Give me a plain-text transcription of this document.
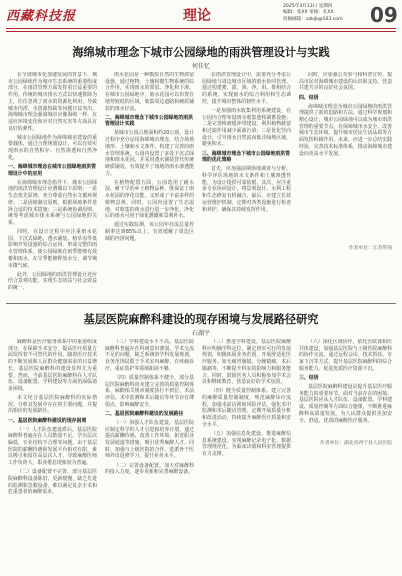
西藏科技报	理论
2025年3月13日 星期四
编辑：张XX 审核：孔XX
投稿邮箱：xzkjb@163.com 09
海绵城市理念下城市公园绿地的雨洪管理设计与实践
何佳忆

在全球城市化加速发展的背景下，城市公园绿地作为城市生态系统的重要组成部分，在雨洪管理方面发挥着日益重要的作用。传统的城市排水方式以快速排除为主，往往忽视了雨水的资源化利用，导致城市内涝、水资源短缺等问题日益突出。海绵城市理念强调城市应像海绵一样，在适应环境变化和应对自然灾害等方面具有良好的弹性。

城市公园绿地作为海绵城市建设的重要载体，通过合理规划设计，可以有效实现雨水的自然积存、自然渗透和自然净化。

一、海绵城市理念在城市公园绿地雨洪管理设计中的应用

在海绵城市理念指导下，城市公园绿地的雨洪管理设计应遵循以下原则：一是生态优先原则，充分尊重自然水文循环规律；二是因地制宜原则，根据场地条件选择合适的技术措施；三是系统协调原则，统筹考虑城市排水系统与公园绿地的关系。

同时，在设计过程中应注重雨水花园、下沉式绿地、透水铺装、植草沟等低影响开发设施的综合运用，形成完整的雨水管理体系，使公园绿地在雨季能够有效蓄积雨水，在旱季能够释放水分，调节城市微气候。

此外，公园绿地的雨洪管理设计还应结合景观功能，实现生态效益与社会效益的统一。

雨水花园是一种模拟自然的生物滞留设施，通过植物、土壤和微生物系统的综合作用，实现雨水的滞留、净化和下渗。在城市公园绿地中，雨水花园可以布置在地势较低的区域，收集周边道路和硬质铺装的雨水径流。

二、海绵城市理念下城市公园绿地的雨洪管理设计实践

某城市公园占地面积约20公顷，设计过程中充分运用海绵城市理念，结合场地地形、土壤和水文条件，构建了完善的雨水管理系统。公园内设置了多处下沉式绿地和雨水花园，并采用透水铺装替代传统硬质铺装，有效提升了场地的雨水渗透能力。

在植物配置方面，公园选用了耐水湿、耐干旱的乡土植物品种，既保证了雨水花园的净化功能，又形成了丰富多样的植物景观。同时，公园内设置了生态湿地，对收集的雨水进行进一步净化，净化后的雨水可用于绿化灌溉和景观补水。

通过实践监测，该公园年径流总量控制率达到85%以上，有效缓解了周边区域的内涝问题。

在雨洪管理设计中，需要充分考虑公园绿地与周边城市区域的雨水协同管理。通过构建蓄、滞、渗、净、用、排相结合的系统，实现雨水的综合利用和生态调控，提升城市整体的韧性水平。

一是加强雨水收集利用系统建设，在公园内合理布设雨水收集池和调蓄设施；二是完善植被缓冲带建设，利用植物截留和过滤作用减少面源污染；三是优化竖向设计，引导雨水自然流向低洼绿地区域，避免积水。

三、海绵城市理念下城市公园绿地雨洪管理的优化策略

首先，应加强前期场地调查与分析，科学评估场地的水文条件和土壤渗透性能，为设计提供可靠依据。其次，应注重多专业协同设计，将景观设计、水利工程和生态修复有机融合。最后，应建立长效运营维护机制，定期对各类设施进行检查和养护，确保其持续发挥作用。

同时，应加强公众参与和科普宣传，提高市民对海绵城市建设的认识和支持，营造共建共享的良好社会氛围。

四、结语

海绵城市理念为城市公园绿地的雨洪管理提供了新的思路和方法。通过科学规划和精心设计，城市公园绿地可以成为城市雨洪管理的重要节点，在保障城市水安全、改善城市生态环境、提升城市居民生活品质等方面发挥积极作用。未来，应进一步总结实践经验，完善技术标准体系，推动海绵城市建设向更高水平发展。

作者单位：江苏常熟
基层医院麻醉科建设的现存困境与发展路径研究
石湖平

麻醉科是医疗服务体系中的重要组成部分，在保障手术安全、提高医疗质量方面发挥着不可替代的作用。随着医疗技术的不断发展和人民群众健康需求的日益增长，基层医院麻醉科的建设显得尤为重要。然而，当前基层医院麻醉科在人才队伍、设备配置、学科建设等方面仍面临诸多困境。

本文结合基层医院麻醉科的实际情况，分析其发展中存在的主要问题，并提出相应的发展路径。

一、基层医院麻醉科建设的现存困境

（一）人才队伍建设滞后。基层医院麻醉科普遍存在人员数量不足、学历层次偏低、专业结构不合理等问题。由于基层医院的薪酬待遇和发展平台相对有限，难以吸引和留住高层次人才，导致麻醉医师工作负荷大，职业倦怠现象较为普遍。

（二）设备配置不完善。部分基层医院麻醉科设备陈旧、更新缓慢，缺乏先进的监测和急救设备，难以满足复杂手术和危重患者的麻醉需求。

（三）学科建设水平不高。基层医院麻醉科普遍存在科研意识薄弱、学术交流不足的问题，缺乏系统的学科发展规划，业务范围局限于手术室内麻醉，在疼痛诊疗、重症监护等领域拓展不够。

（四）质量控制体系不健全。部分基层医院麻醉科尚未建立完善的质量控制体系，麻醉相关规章制度执行不到位，术前评估、术中监测和术后随访等环节存在薄弱点，影响麻醉安全。

二、基层医院麻醉科建设的发展路径

（一）加强人才队伍建设。基层医院应制定科学的人才引进和培养计划，通过提高薪酬待遇、改善工作环境、拓宽职业发展通道等措施，吸引优秀麻醉人才。同时，加强与上级医院的合作，选派骨干医师外出进修学习，提升业务水平。

（二）完善设备配置。加大对麻醉科的投入力度，逐步更新和完善麻醉设备。

（三）推进学科建设。基层医院麻醉科应明确学科定位，制定切实可行的发展规划，积极拓展业务范围，开展舒适化医疗服务，如无痛胃肠镜、分娩镇痛、术后镇痛等，不断提升科室的影响力和服务能力。同时，鼓励医务人员积极参加学术会议和继续教育，营造良好的学术氛围。

（四）健全质量控制体系。建立完善的麻醉质量控制制度，规范麻醉诊疗流程，加强术前访视和风险评估，强化术中监测和术后随访管理。定期开展质量分析和改进活动，持续提升麻醉医疗质量和安全水平。

（五）加强信息化建设。推进麻醉信息系统建设，实现麻醉记录电子化、数据管理规范化，为临床决策和科室管理提供有力支撑。

（六）深化区域协作。依托医联体和医共体建设，加强基层医院与上级医院麻醉科的协作交流，通过远程会诊、技术帮扶、专家下沉等方式，提升基层医院麻醉科的综合服务能力，促进优质医疗资源下沉。

三、结语

基层医院麻醉科建设是提升基层医疗服务能力的重要环节。面对当前存在的困境，基层医院应从人才队伍、设备配置、学科建设、质量控制等方面综合施策，不断推进麻醉科高质量发展，为人民群众提供更加安全、舒适、优质的麻醉医疗服务。

作者单位：湖北省西宁县人民医院
